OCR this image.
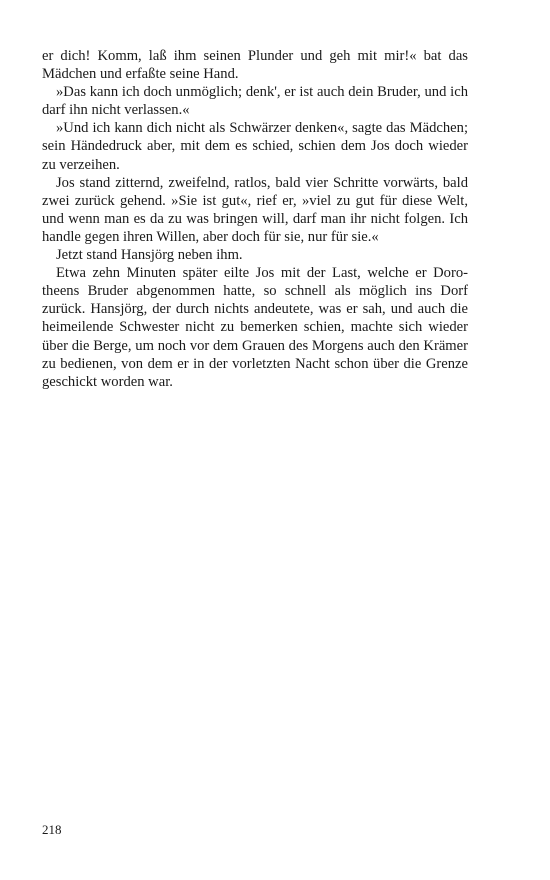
er dich! Komm, laß ihm seinen Plunder und geh mit mir!« bat das Mädchen und erfaßte seine Hand.

»Das kann ich doch unmöglich; denk', er ist auch dein Bruder, und ich darf ihn nicht verlassen.«

»Und ich kann dich nicht als Schwärzer denken«, sagte das Mädchen; sein Händedruck aber, mit dem es schied, schien dem Jos doch wieder zu verzeihen.

Jos stand zitternd, zweifelnd, ratlos, bald vier Schritte vorwärts, bald zwei zurück gehend. »Sie ist gut«, rief er, »viel zu gut für diese Welt, und wenn man es da zu was bringen will, darf man ihr nicht folgen. Ich handle gegen ihren Willen, aber doch für sie, nur für sie.«

Jetzt stand Hansjörg neben ihm.

Etwa zehn Minuten später eilte Jos mit der Last, welche er Dorotheens Bruder abgenommen hatte, so schnell als möglich ins Dorf zurück. Hansjörg, der durch nichts andeutete, was er sah, und auch die heimeilende Schwester nicht zu bemerken schien, machte sich wieder über die Berge, um noch vor dem Grauen des Morgens auch den Krämer zu bedienen, von dem er in der vorletzten Nacht schon über die Grenze geschickt worden war.

218
